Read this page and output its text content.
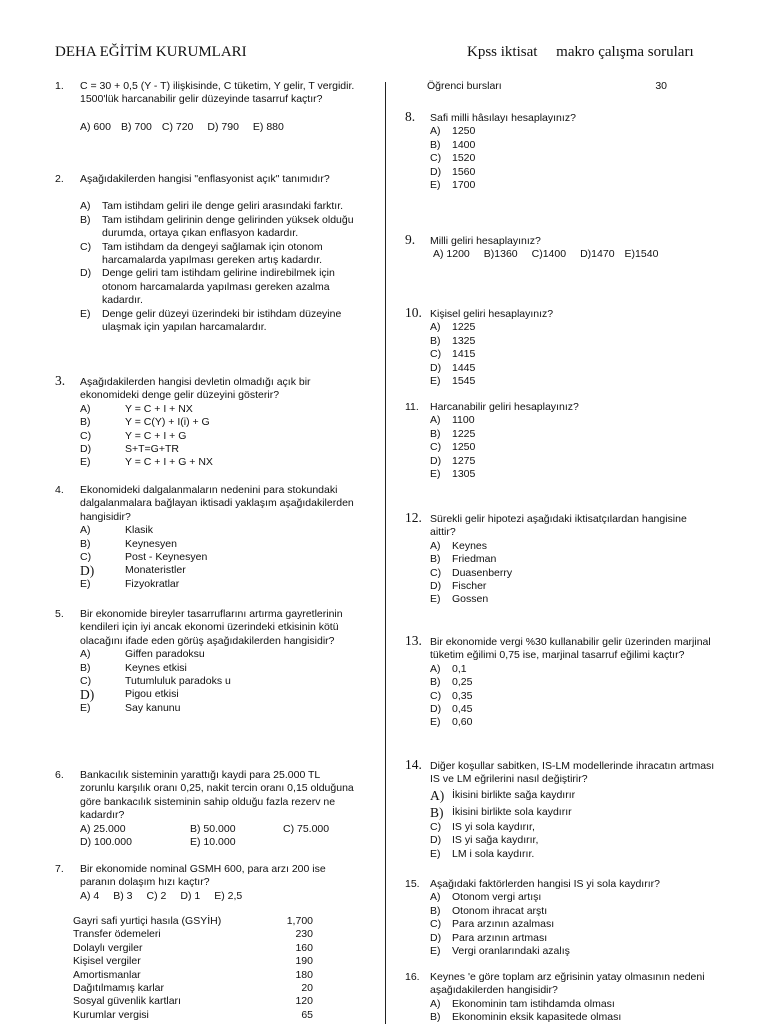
DEHA EĞİTİM KURUMLARI	Kpss iktisat     makro çalışma soruları
1. C = 30 + 0,5 (Y - T) ilişkisinde, C tüketim, Y gelir, T vergidir. 1500'lük harcanabilir gelir düzeyinde tasarruf kaçtır?
A) 600 B) 700 C) 720 D) 790 E) 880
2. Aşağıdakilerden hangisi "enflasyonist açık" tanımıdır?
A)	Tam istihdam geliri ile denge geliri arasındaki farktır.
B)	Tam istihdam gelirinin denge gelirinden yüksek olduğu durumda, ortaya çıkan enflasyon kadardır.
C)	Tam istihdam da dengeyi sağlamak için otonom harcamalarda yapılması gereken artış kadardır.
D)	Denge geliri tam istihdam gelirine indirebilmek için otonom harcamalarda yapılması gereken azalma kadardır.
E)	Denge gelir düzeyi üzerindeki bir istihdam düzeyine ulaşmak için yapılan harcamalardır.
3. Aşağıdakilerden hangisi devletin olmadığı açık bir ekonomideki denge gelir düzeyini gösterir?
A)	Y = C + I + NX
B)	Y = C(Y) + I(i) + G
C)	Y = C + I + G
D)	S+T=G+TR
E)	Y = C + I + G + NX
4. Ekonomideki dalgalanmaların nedenini para stokundaki dalgalanmalara bağlayan iktisadi yaklaşım aşağıdakilerden hangisidir?
A)	Klasik
B)	Keynesyen
C)	Post - Keynesyen
D)	Monateristler
E)	Fizyokratlar
5. Bir ekonomide bireyler tasarruflarını artırma gayretlerinin kendileri için iyi ancak ekonomi üzerindeki etkisinin kötü olacağını ifade eden görüş aşağıdakilerden hangisidir?
A)	Giffen paradoksu
B)	Keynes etkisi
C)	Tutumluluk paradoks u
D)	Pigou etkisi
E)	Say kanunu
6. Bankacılık sisteminin yarattığı kaydi para 25.000 TL zorunlu karşılık oranı 0,25, nakit tercin oranı 0,15 olduğuna göre bankacılık sisteminin sahip olduğu fazla rezerv ne kadardır?
A) 25.000	B) 50.000	C) 75.000
D) 100.000	E) 10.000
7. Bir ekonomide nominal GSMH 600, para arzı 200 ise paranın dolaşım hızı kaçtır?
A) 4 B) 3 C) 2 D) 1 E) 2,5
Gayri safi yurtiçi hasıla (GSYİH)	1,700
Transfer ödemeleri	230
Dolaylı vergiler	160
Kişisel vergiler	190
Amortismanlar	180
Dağıtılmamış karlar	20
Sosyal güvenlik kartları	120
Kurumlar vergisi	65
Öğrenci bursları	30
8. Safi milli hâsılayı hesaplayınız?
A)	1250
B)	1400
C)	1520
D)	1560
E)	1700
9. Milli geliri hesaplayınız?
A) 1200 B)1360 C)1400 D)1470 E)1540
10. Kişisel geliri hesaplayınız?
A)	1225
B)	1325
C)	1415
D)	1445
E)	1545
11. Harcanabilir geliri hesaplayınız?
A)	1100
B)	1225
C)	1250
D)	1275
E)	1305
12. Sürekli gelir hipotezi aşağıdaki iktisatçılardan hangisine aittir?
A)	Keynes
B)	Friedman
C)	Duasenberry
D)	Fischer
E)	Gossen
13. Bir ekonomide vergi %30 kullanabilir gelir üzerinden marjinal tüketim eğilimi 0,75 ise, marjinal tasarruf eğilimi kaçtır?
A)	0,1
B)	0,25
C)	0,35
D)	0,45
E)	0,60
14. Diğer koşullar sabitken, IS-LM modellerinde ihracatın artması IS ve LM eğrilerini nasıl değiştirir?
A) İkisini birlikte sağa kaydırır
B) İkisini birlikte sola kaydırır
C)	IS yi sola kaydırır,
D)	IS yi sağa kaydırır,
E)	LM i sola kaydırır.
15. Aşağıdaki faktörlerden hangisi IS yi sola kaydırır?
A)	Otonom vergi artışı
B)	Otonom ihracat arştı
C)	Para arzının azalması
D)	Para arzının artması
E)	Vergi oranlarındaki azalış
16. Keynes 'e göre toplam arz eğrisinin yatay olmasının nedeni aşağıdakilerden hangisidir?
A)	Ekonominin tam istihdamda olması
B)	Ekonominin eksik kapasitede olması
